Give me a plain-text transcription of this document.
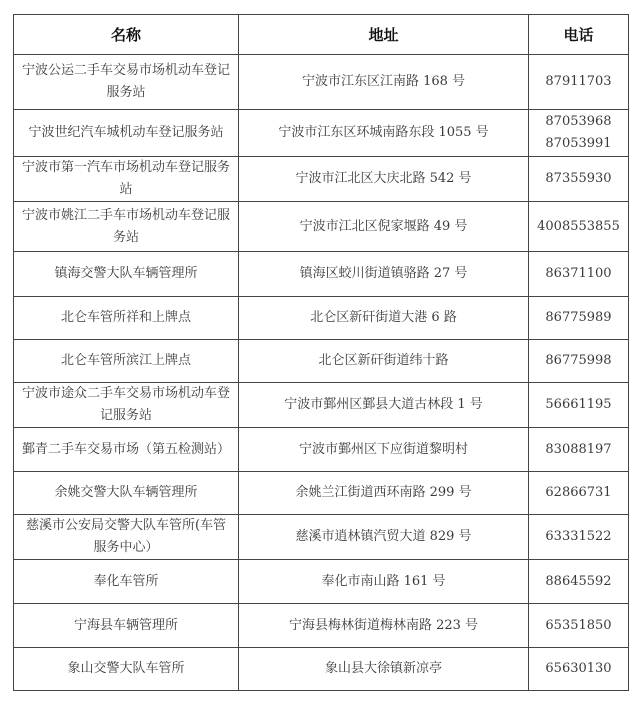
名称	地址	电话
宁波公运二手车交易市场机动车登记服务站	宁波市江东区江南路 168 号	87911703

宁波世纪汽车城机动车登记服务站	宁波市江东区环城南路东段 1055 号	87053968
87053991

宁波市第一汽车市场机动车登记服务站	宁波市江北区大庆北路 542 号	87355930

宁波市姚江二手车市场机动车登记服务站	宁波市江北区倪家堰路 49 号	4008553855

镇海交警大队车辆管理所	镇海区蛟川街道镇骆路 27 号	86371100

北仑车管所祥和上牌点	北仑区新矸街道大港 6 路	86775989

北仑车管所滨江上牌点	北仑区新矸街道纬十路	86775998

宁波市途众二手车交易市场机动车登记服务站	宁波市鄞州区鄞县大道古林段 1 号	56661195

鄞青二手车交易市场（第五检测站）	宁波市鄞州区下应街道黎明村	83088197

余姚交警大队车辆管理所	余姚兰江街道西环南路 299 号	62866731

慈溪市公安局交警大队车管所(车管服务中心）	慈溪市逍林镇汽贸大道 829 号	63331522

奉化车管所	奉化市南山路 161 号	88645592

宁海县车辆管理所	宁海县梅林街道梅林南路 223 号	65351850

象山交警大队车管所	象山县大徐镇新凉亭	65630130
